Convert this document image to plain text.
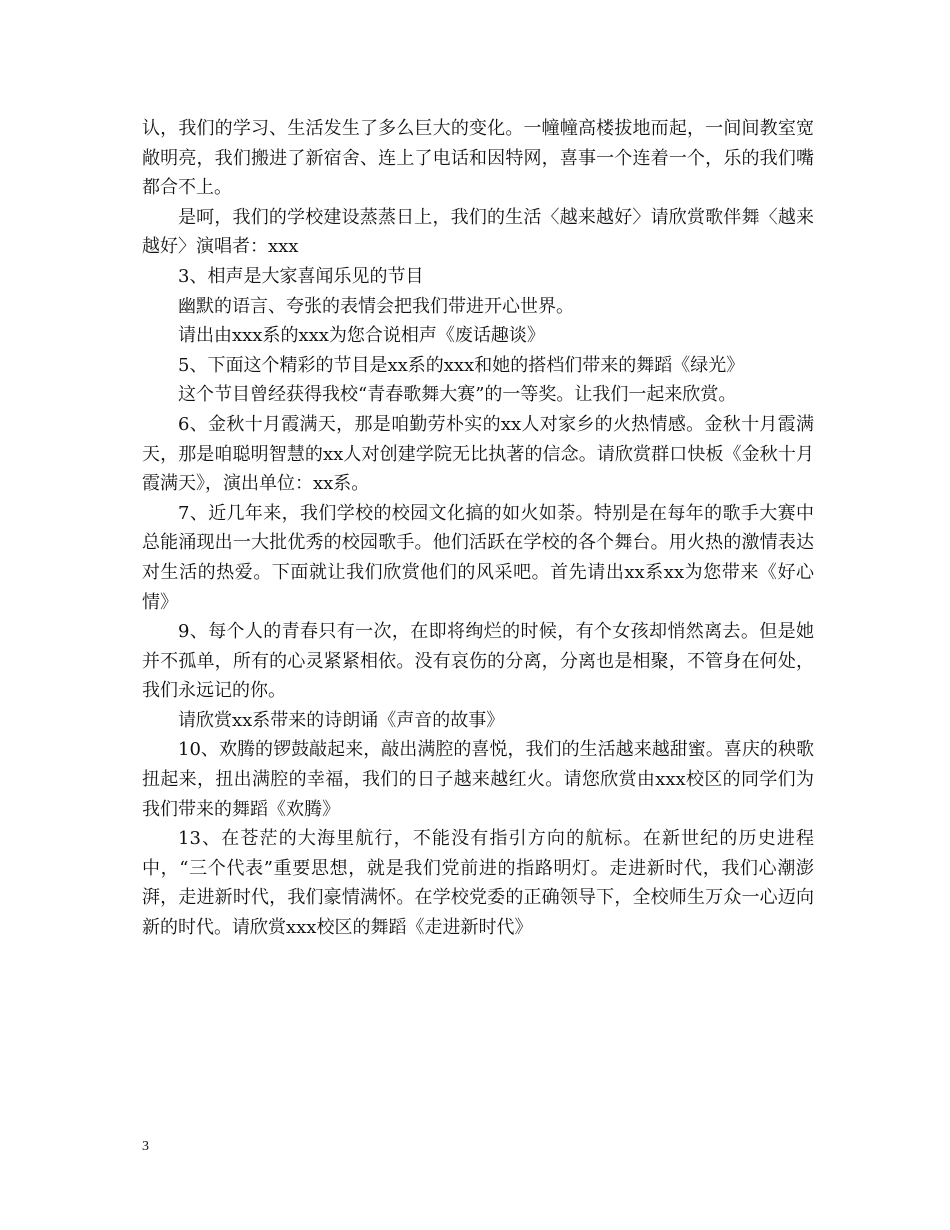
认，我们的学习、生活发生了多么巨大的变化。一幢幢高楼拔地而起，一间间教室宽敞明亮，我们搬进了新宿舍、连上了电话和因特网，喜事一个连着一个，乐的我们嘴都合不上。

是呵，我们的学校建设蒸蒸日上，我们的生活〈越来越好〉请欣赏歌伴舞〈越来越好〉演唱者：xxx

3、相声是大家喜闻乐见的节目

幽默的语言、夸张的表情会把我们带进开心世界。

请出由xxx系的xxx为您合说相声《废话趣谈》

5、下面这个精彩的节目是xx系的xxx和她的搭档们带来的舞蹈《绿光》

这个节目曾经获得我校“青春歌舞大赛”的一等奖。让我们一起来欣赏。

6、金秋十月霞满天，那是咱勤劳朴实的xx人对家乡的火热情感。金秋十月霞满天，那是咱聪明智慧的xx人对创建学院无比执著的信念。请欣赏群口快板《金秋十月霞满天》，演出单位：xx系。

7、近几年来，我们学校的校园文化搞的如火如荼。特别是在每年的歌手大赛中总能涌现出一大批优秀的校园歌手。他们活跃在学校的各个舞台。用火热的激情表达对生活的热爱。下面就让我们欣赏他们的风采吧。首先请出xx系xx为您带来《好心情》

9、每个人的青春只有一次，在即将绚烂的时候，有个女孩却悄然离去。但是她并不孤单，所有的心灵紧紧相依。没有哀伤的分离，分离也是相聚，不管身在何处，我们永远记的你。

请欣赏xx系带来的诗朗诵《声音的故事》

10、欢腾的锣鼓敲起来，敲出满腔的喜悦，我们的生活越来越甜蜜。喜庆的秧歌扭起来，扭出满腔的幸福，我们的日子越来越红火。请您欣赏由xxx校区的同学们为我们带来的舞蹈《欢腾》

13、在苍茫的大海里航行，不能没有指引方向的航标。在新世纪的历史进程中，“三个代表”重要思想，就是我们党前进的指路明灯。走进新时代，我们心潮澎湃，走进新时代，我们豪情满怀。在学校党委的正确领导下，全校师生万众一心迈向新的时代。请欣赏xxx校区的舞蹈《走进新时代》

3
